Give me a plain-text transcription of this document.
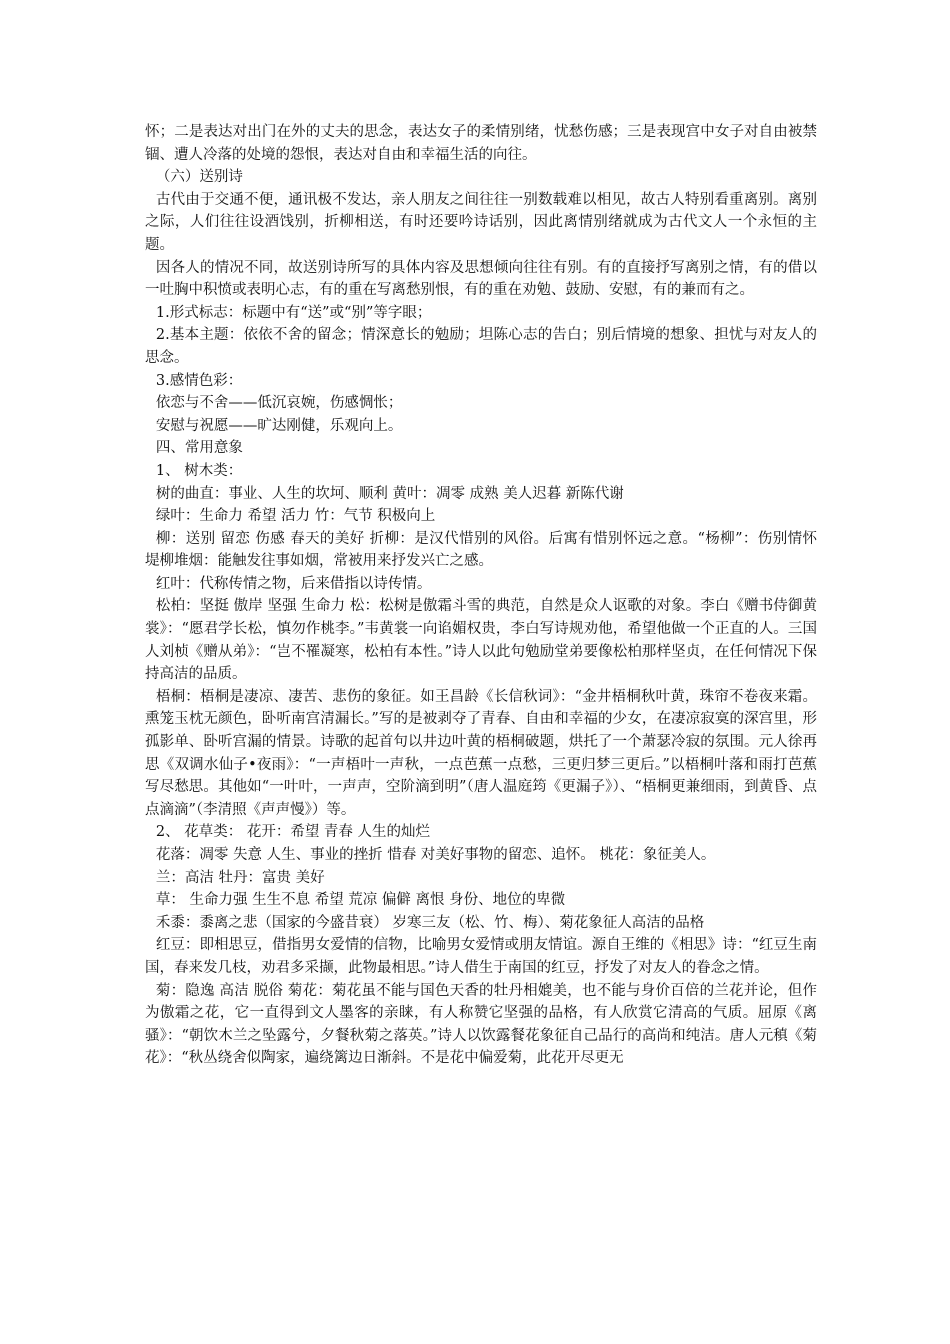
怀；二是表达对出门在外的丈夫的思念，表达女子的柔情别绪，忧愁伤感；三是表现宫中女子对自由被禁锢、遭人冷落的处境的怨恨，表达对自由和幸福生活的向往。

（六）送别诗

古代由于交通不便，通讯极不发达，亲人朋友之间往往一别数载难以相见，故古人特别看重离别。离别之际，人们往往设酒饯别，折柳相送，有时还要吟诗话别，因此离情别绪就成为古代文人一个永恒的主题。

因各人的情况不同，故送别诗所写的具体内容及思想倾向往往有别。有的直接抒写离别之情，有的借以一吐胸中积愤或表明心志，有的重在写离愁别恨，有的重在劝勉、鼓励、安慰，有的兼而有之。

1.形式标志：标题中有“送”或“别”等字眼；

2.基本主题：依依不舍的留念；情深意长的勉励；坦陈心志的告白；别后情境的想象、担忧与对友人的思念。

3.感情色彩：

依恋与不舍——低沉哀婉，伤感惆怅；

安慰与祝愿——旷达刚健，乐观向上。

四、常用意象

1、 树木类：

树的曲直：事业、人生的坎坷、顺利 黄叶：凋零 成熟 美人迟暮 新陈代谢

绿叶：生命力 希望 活力 竹：气节 积极向上

柳：送别 留恋 伤感 春天的美好 折柳：是汉代惜别的风俗。后寓有惜别怀远之意。“杨柳”：伤别情怀 堤柳堆烟：能触发往事如烟，常被用来抒发兴亡之感。

红叶：代称传情之物，后来借指以诗传情。

松柏：坚挺 傲岸 坚强 生命力 松：松树是傲霜斗雪的典范，自然是众人讴歌的对象。李白《赠书侍御黄裳》：“愿君学长松，慎勿作桃李。”韦黄裳一向谄媚权贵，李白写诗规劝他，希望他做一个正直的人。三国人刘桢《赠从弟》：“岂不罹凝寒，松柏有本性。”诗人以此句勉励堂弟要像松柏那样坚贞，在任何情况下保持高洁的品质。

梧桐：梧桐是凄凉、凄苦、悲伤的象征。如王昌龄《长信秋词》：“金井梧桐秋叶黄，珠帘不卷夜来霜。熏笼玉枕无颜色，卧听南宫清漏长。”写的是被剥夺了青春、自由和幸福的少女，在凄凉寂寞的深宫里，形孤影单、卧听宫漏的情景。诗歌的起首句以井边叶黄的梧桐破题，烘托了一个萧瑟冷寂的氛围。元人徐再思《双调水仙子•夜雨》：“一声梧叶一声秋，一点芭蕉一点愁，三更归梦三更后。”以梧桐叶落和雨打芭蕉写尽愁思。其他如“一叶叶，一声声，空阶滴到明”（唐人温庭筠《更漏子》）、“梧桐更兼细雨，到黄昏、点点滴滴”（李清照《声声慢》）等。

2、 花草类： 花开：希望 青春 人生的灿烂

花落：凋零 失意 人生、事业的挫折 惜春 对美好事物的留恋、追怀。 桃花：象征美人。

兰：高洁 牡丹：富贵 美好

草： 生命力强 生生不息 希望 荒凉 偏僻 离恨 身份、地位的卑微

禾黍：黍离之悲（国家的今盛昔衰） 岁寒三友（松、竹、梅）、菊花象征人高洁的品格

红豆：即相思豆，借指男女爱情的信物，比喻男女爱情或朋友情谊。源自王维的《相思》诗：“红豆生南国，春来发几枝，劝君多采撷，此物最相思。”诗人借生于南国的红豆，抒发了对友人的眷念之情。

菊：隐逸 高洁 脱俗 菊花：菊花虽不能与国色天香的牡丹相媲美，也不能与身价百倍的兰花并论，但作为傲霜之花，它一直得到文人墨客的亲睐，有人称赞它坚强的品格，有人欣赏它清高的气质。屈原《离骚》：“朝饮木兰之坠露兮，夕餐秋菊之落英。”诗人以饮露餐花象征自己品行的高尚和纯洁。唐人元稹《菊花》：“秋丛绕舍似陶家，遍绕篱边日渐斜。不是花中偏爱菊，此花开尽更无
